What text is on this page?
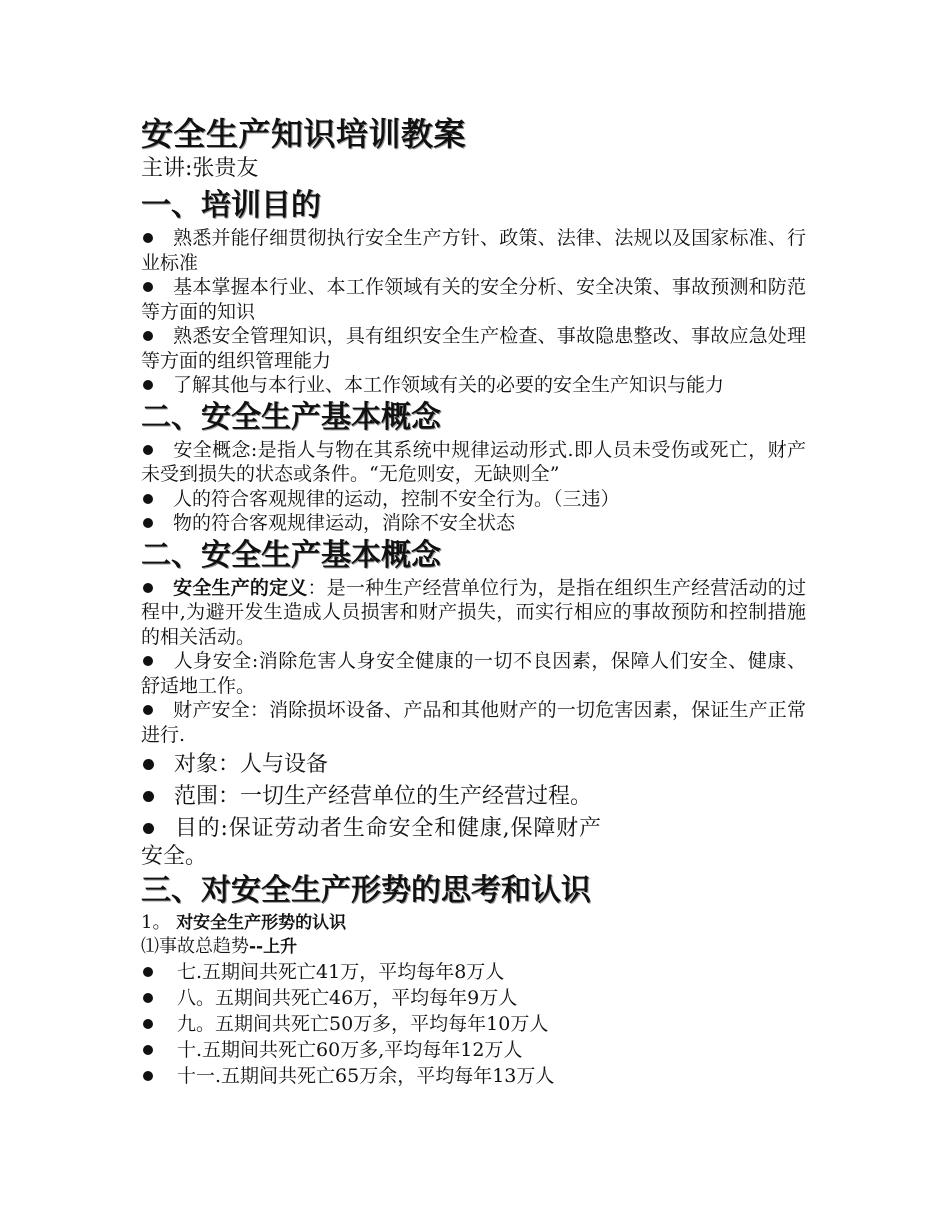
安全生产知识培训教案

主讲:张贵友

一、培训目的

熟悉并能仔细贯彻执行安全生产方针、政策、法律、法规以及国家标准、行业标准

基本掌握本行业、本工作领域有关的安全分析、安全决策、事故预测和防范等方面的知识

熟悉安全管理知识，具有组织安全生产检查、事故隐患整改、事故应急处理等方面的组织管理能力

了解其他与本行业、本工作领域有关的必要的安全生产知识与能力

二、安全生产基本概念

安全概念:是指人与物在其系统中规律运动形式.即人员未受伤或死亡，财产未受到损失的状态或条件。“无危则安，无缺则全”

人的符合客观规律的运动，控制不安全行为。（三违）

物的符合客观规律运动，消除不安全状态

二、安全生产基本概念

安全生产的定义：是一种生产经营单位行为，是指在组织生产经营活动的过程中,为避开发生造成人员损害和财产损失，而实行相应的事故预防和控制措施的相关活动。

人身安全:消除危害人身安全健康的一切不良因素，保障人们安全、健康、舒适地工作。

财产安全：消除损坏设备、产品和其他财产的一切危害因素，保证生产正常进行.

对象：人与设备

范围：一切生产经营单位的生产经营过程。

目的:保证劳动者生命安全和健康,保障财产安全。

三、对安全生产形势的思考和认识

1。 对安全生产形势的认识

⑴事故总趋势--上升

七.五期间共死亡41万，平均每年8万人

八。五期间共死亡46万，平均每年9万人

九。五期间共死亡50万多，平均每年10万人

十.五期间共死亡60万多,平均每年12万人

十一.五期间共死亡65万余，平均每年13万人
